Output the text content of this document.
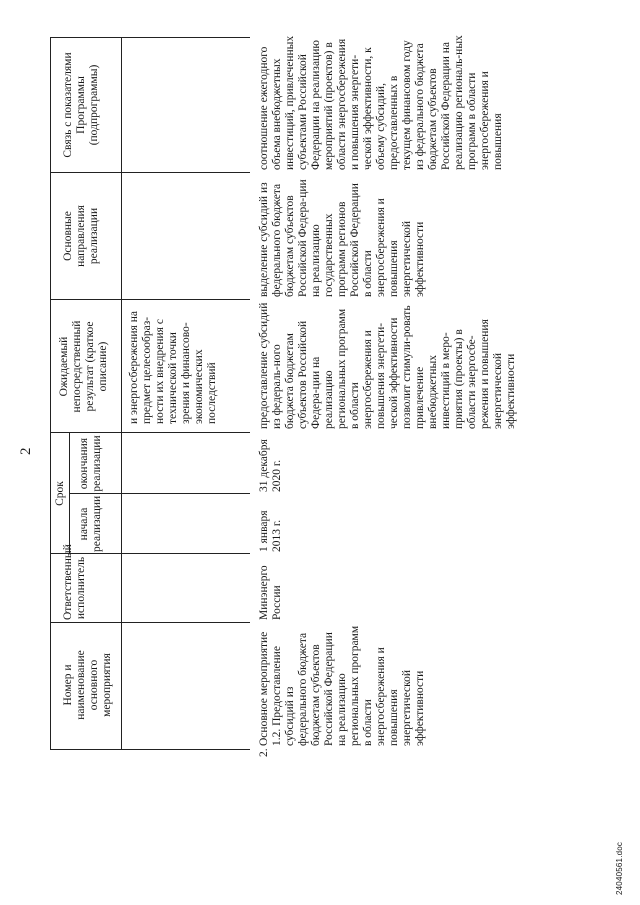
2
Номер и наименование основного мероприятия
Ответственный исполнитель
Срок
начала реализации
окончания реализации
Ожидаемый непосредственный результат (краткое описание)
Основные направления реализации
Связь с показателями Программы (подпрограммы)
и энергосбережения на предмет целесообраз-ности их внедрения с технической точки зрения и финансово-экономических последствий
2.
Основное мероприятие 1.2. Предоставление субсидий из федерального бюджета бюджетам субъектов Российской Федерации на реализацию региональных программ в области энергосбережения и повышения энергетической эффективности
Минэнерго России
1 января 2013 г.
31 декабря 2020 г.
предоставление субсидий из федераль-ного бюджета бюджетам субъектов Российской Федера-ции на реализацию региональных программ в области энергосбережения и повышения энергети-ческой эффективности позволит стимули-ровать привлечение внебюджетных инвестиций в меро-приятия (проекты) в области энергосбе-режения и повышения энергетической эффективности
выделение субсидий из федерального бюджета бюджетам субъектов Российской Федера-ции на реализацию государственных программ регионов Российской Федерации в области энергосбережения и повышения энергетической эффективности
соотношение ежегодного объема внебюджетных инвестиций, привлеченных субъектами Российской Федерации на реализацию мероприятий (проектов) в области энергосбережения и повышения энергети-ческой эффективности, к объему субсидий, предоставленных в текущем финансовом году из федерального бюджета бюджетам субъектов Российской Федерации на реализацию региональ-ных программ в области энергосбережения и повышения
24040561.doc
